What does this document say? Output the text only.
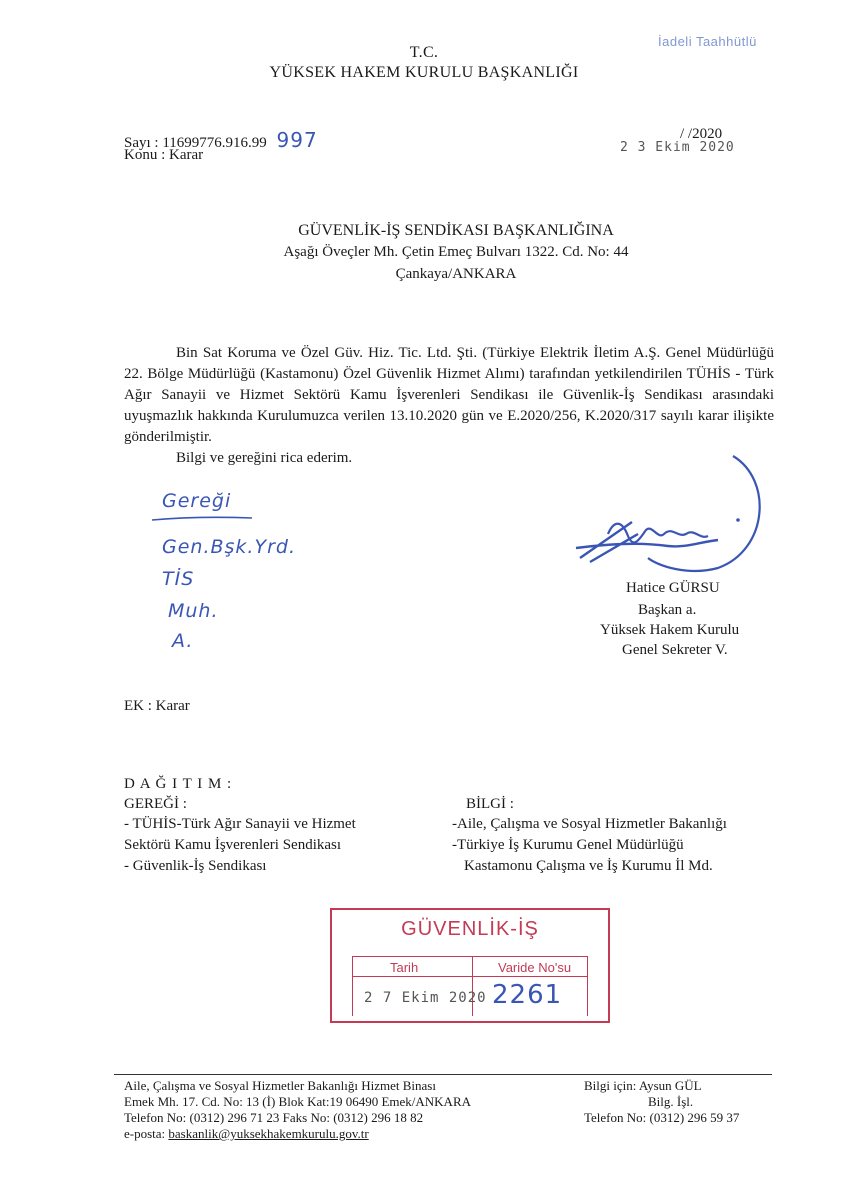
İadeli Taahhütlü
T.C.
YÜKSEK HAKEM KURULU BAŞKANLIĞI
Sayı : 11699776.916.99 997
Konu : Karar
/ /2020
2 3 Ekim 2020
GÜVENLİK-İŞ SENDİKASI BAŞKANLIĞINA
Aşağı Öveçler Mh. Çetin Emeç Bulvarı 1322. Cd. No: 44
Çankaya/ANKARA
Bin Sat Koruma ve Özel Güv. Hiz. Tic. Ltd. Şti. (Türkiye Elektrik İletim A.Ş. Genel Müdürlüğü 22. Bölge Müdürlüğü (Kastamonu) Özel Güvenlik Hizmet Alımı) tarafından yetkilendirilen TÜHİS - Türk Ağır Sanayii ve Hizmet Sektörü Kamu İşverenleri Sendikası ile Güvenlik-İş Sendikası arasındaki uyuşmazlık hakkında Kurulumuzca verilen 13.10.2020 gün ve E.2020/256, K.2020/317 sayılı karar ilişikte gönderilmiştir.
Bilgi ve gereğini rica ederim.
Gereği
Gen.Bşk.Yrd.
TİS
Muh.
A.
Hatice GÜRSU
Başkan a.
Yüksek Hakem Kurulu
Genel Sekreter V.
EK : Karar
D A Ğ I T I M :
GEREĞİ :
- TÜHİS-Türk Ağır Sanayii ve Hizmet
Sektörü Kamu İşverenleri Sendikası
- Güvenlik-İş Sendikası
BİLGİ :
-Aile, Çalışma ve Sosyal Hizmetler Bakanlığı
-Türkiye İş Kurumu Genel Müdürlüğü
Kastamonu Çalışma ve İş Kurumu İl Md.
GÜVENLİK-İŞ
Tarih	Varide No'su
2 7 Ekim 2020 2261
Aile, Çalışma ve Sosyal Hizmetler Bakanlığı Hizmet Binası
Emek Mh. 17. Cd. No: 13 (İ) Blok Kat:19 06490 Emek/ANKARA
Telefon No: (0312) 296 71 23 Faks No: (0312) 296 18 82
e-posta: baskanlik@yuksekhakemkurulu.gov.tr
Bilgi için: Aysun GÜL
Bilg. İşl.
Telefon No: (0312) 296 59 37
